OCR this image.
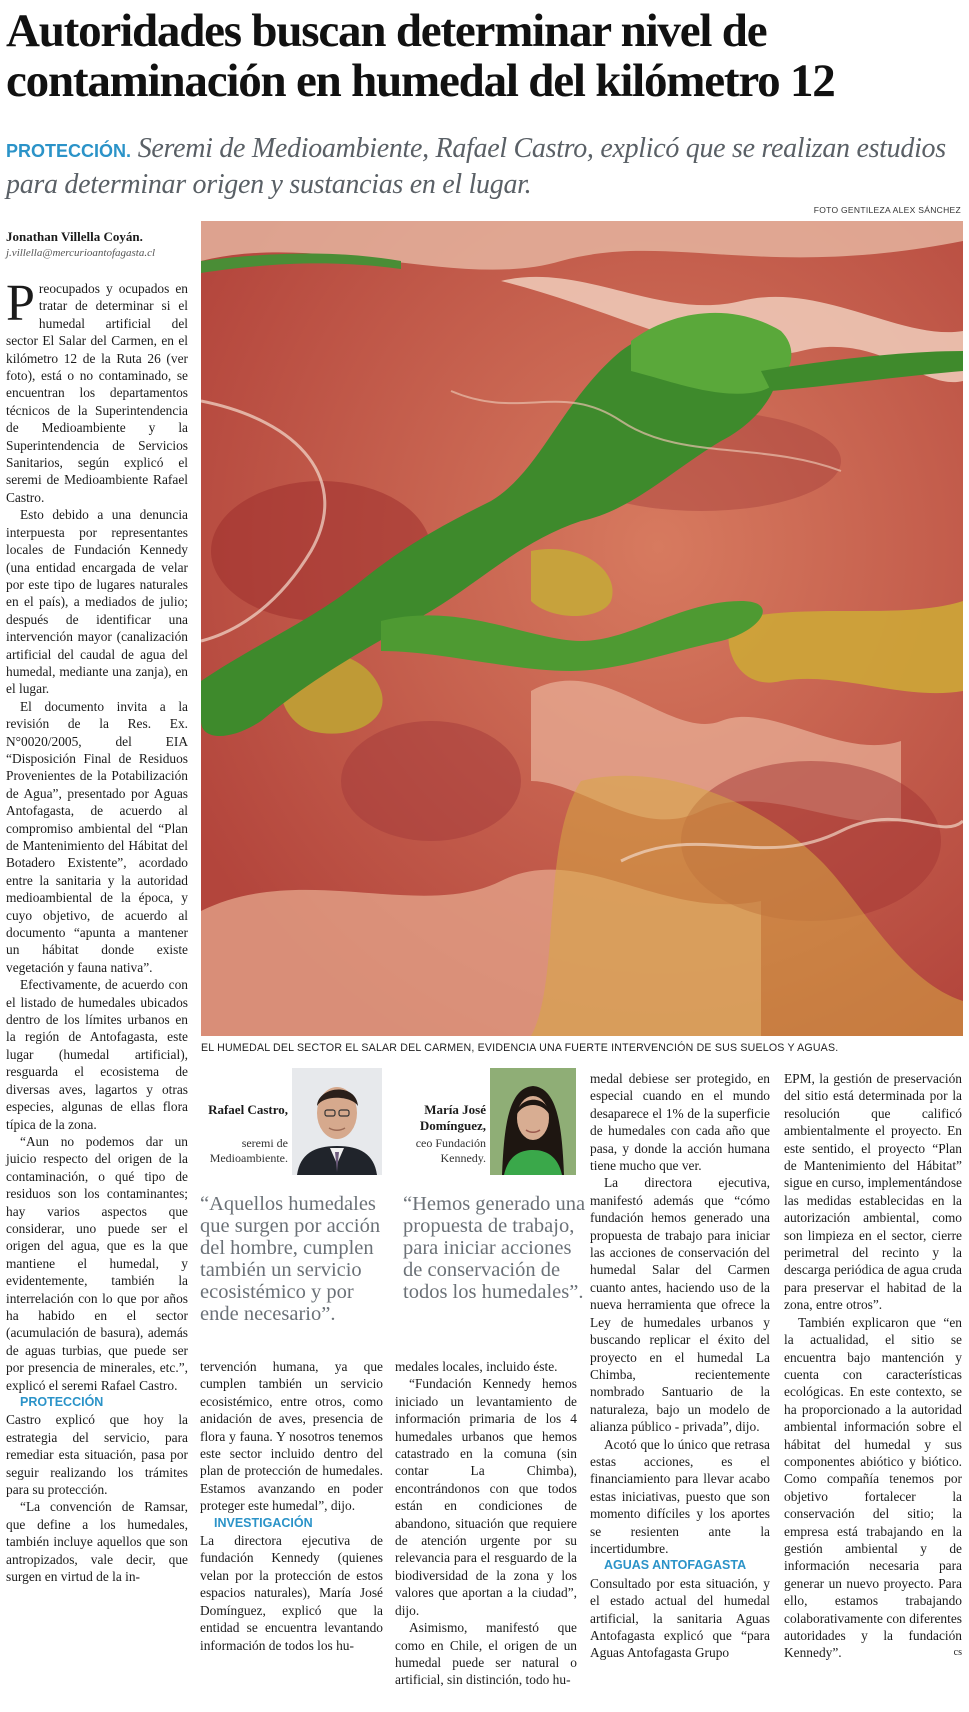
Autoridades buscan determinar nivel de contaminación en humedal del kilómetro 12
PROTECCIÓN. Seremi de Medioambiente, Rafael Castro, explicó que se realizan estudios para determinar origen y sustancias en el lugar.
FOTO GENTILEZA ALEX SÁNCHEZ
Jonathan Villella Coyán.
j.villella@mercurioantofagasta.cl

Preocupados y ocupados en tratar de determinar si el humedal artificial del sector El Salar del Carmen, en el kilómetro 12 de la Ruta 26 (ver foto), está o no contaminado, se encuentran los departamentos técnicos de la Superintendencia de Medioambiente y la Superintendencia de Servicios Sanitarios, según explicó el seremi de Medioambiente Rafael Castro.

Esto debido a una denuncia interpuesta por representantes locales de Fundación Kennedy (una entidad encargada de velar por este tipo de lugares naturales en el país), a mediados de julio; después de identificar una intervención mayor (canalización artificial del caudal de agua del humedal, mediante una zanja), en el lugar.

El documento invita a la revisión de la Res. Ex. N°0020/2005, del EIA “Disposición Final de Residuos Provenientes de la Potabilización de Agua”, presentado por Aguas Antofagasta, de acuerdo al compromiso ambiental del “Plan de Mantenimiento del Hábitat del Botadero Existente”, acordado entre la sanitaria y la autoridad medioambiental de la época, y cuyo objetivo, de acuerdo al documento “apunta a mantener un hábitat donde existe vegetación y fauna nativa”.

Efectivamente, de acuerdo con el listado de humedales ubicados dentro de los límites urbanos en la región de Antofagasta, este lugar (humedal artificial), resguarda el ecosistema de diversas aves, lagartos y otras especies, algunas de ellas flora típica de la zona.

“Aun no podemos dar un juicio respecto del origen de la contaminación, o qué tipo de residuos son los contaminantes; hay varios aspectos que considerar, uno puede ser el origen del agua, que es la que mantiene el humedal, y evidentemente, también la interrelación con lo que por años ha habido en el sector (acumulación de basura), además de aguas turbias, que puede ser por presencia de minerales, etc.”, explicó el seremi Rafael Castro.

PROTECCIÓN

Castro explicó que hoy la estrategia del servicio, para remediar esta situación, pasa por seguir realizando los trámites para su protección.

“La convención de Ramsar, que define a los humedales, también incluye aquellos que son antropizados, vale decir, que surgen en virtud de la in-

EL HUMEDAL DEL SECTOR EL SALAR DEL CARMEN, EVIDENCIA UNA FUERTE INTERVENCIÓN DE SUS SUELOS Y AGUAS.
Rafael Castro,
seremi de Medioambiente.
María José Domínguez,
ceo Fundación Kennedy.
“Aquellos humedales que surgen por acción del hombre, cumplen también un servicio ecosistémico y por ende necesario”.
“Hemos generado una propuesta de trabajo, para iniciar acciones de conservación de todos los humedales”.

tervención humana, ya que cumplen también un servicio ecosistémico, entre otros, como anidación de aves, presencia de flora y fauna. Y nosotros tenemos este sector incluido dentro del plan de protección de humedales. Estamos avanzando en poder proteger este humedal”, dijo.

INVESTIGACIÓN

La directora ejecutiva de fundación Kennedy (quienes velan por la protección de estos espacios naturales), María José Domínguez, explicó que la entidad se encuentra levantando información de todos los hu-

medales locales, incluido éste.

“Fundación Kennedy hemos iniciado un levantamiento de información primaria de los 4 humedales urbanos que hemos catastrado en la comuna (sin contar La Chimba), encontrándonos con que todos están en condiciones de abandono, situación que requiere de atención urgente por su relevancia para el resguardo de la biodiversidad de la zona y los valores que aportan a la ciudad”, dijo.

Asimismo, manifestó que como en Chile, el origen de un humedal puede ser natural o artificial, sin distinción, todo hu-

medal debiese ser protegido, en especial cuando en el mundo desaparece el 1% de la superficie de humedales con cada año que pasa, y donde la acción humana tiene mucho que ver.

La directora ejecutiva, manifestó además que “cómo fundación hemos generado una propuesta de trabajo para iniciar las acciones de conservación del humedal Salar del Carmen cuanto antes, haciendo uso de la nueva herramienta que ofrece la Ley de humedales urbanos y buscando replicar el éxito del proyecto en el humedal La Chimba, recientemente nombrado Santuario de la naturaleza, bajo un modelo de alianza público - privada”, dijo.

Acotó que lo único que retrasa estas acciones, es el financiamiento para llevar acabo estas iniciativas, puesto que son momento difíciles y los aportes se resienten ante la incertidumbre.

AGUAS ANTOFAGASTA

Consultado por esta situación, y el estado actual del humedal artificial, la sanitaria Aguas Antofagasta explicó que “para Aguas Antofagasta Grupo

EPM, la gestión de preservación del sitio está determinada por la resolución que calificó ambientalmente el proyecto. En este sentido, el proyecto “Plan de Mantenimiento del Hábitat” sigue en curso, implementándose las medidas establecidas en la autorización ambiental, como son limpieza en el sector, cierre perimetral del recinto y la descarga periódica de agua cruda para preservar el habitad de la zona, entre otros”.

También explicaron que “en la actualidad, el sitio se encuentra bajo mantención y cuenta con características ecológicas. En este contexto, se ha proporcionado a la autoridad ambiental información sobre el hábitat del humedal y sus componentes abiótico y biótico. Como compañía tenemos por objetivo fortalecer la conservación del sitio; la empresa está trabajando en la gestión ambiental y de información necesaria para generar un nuevo proyecto. Para ello, estamos trabajando colaborativamente con diferentes autoridades y la fundación Kennedy”.	cs
